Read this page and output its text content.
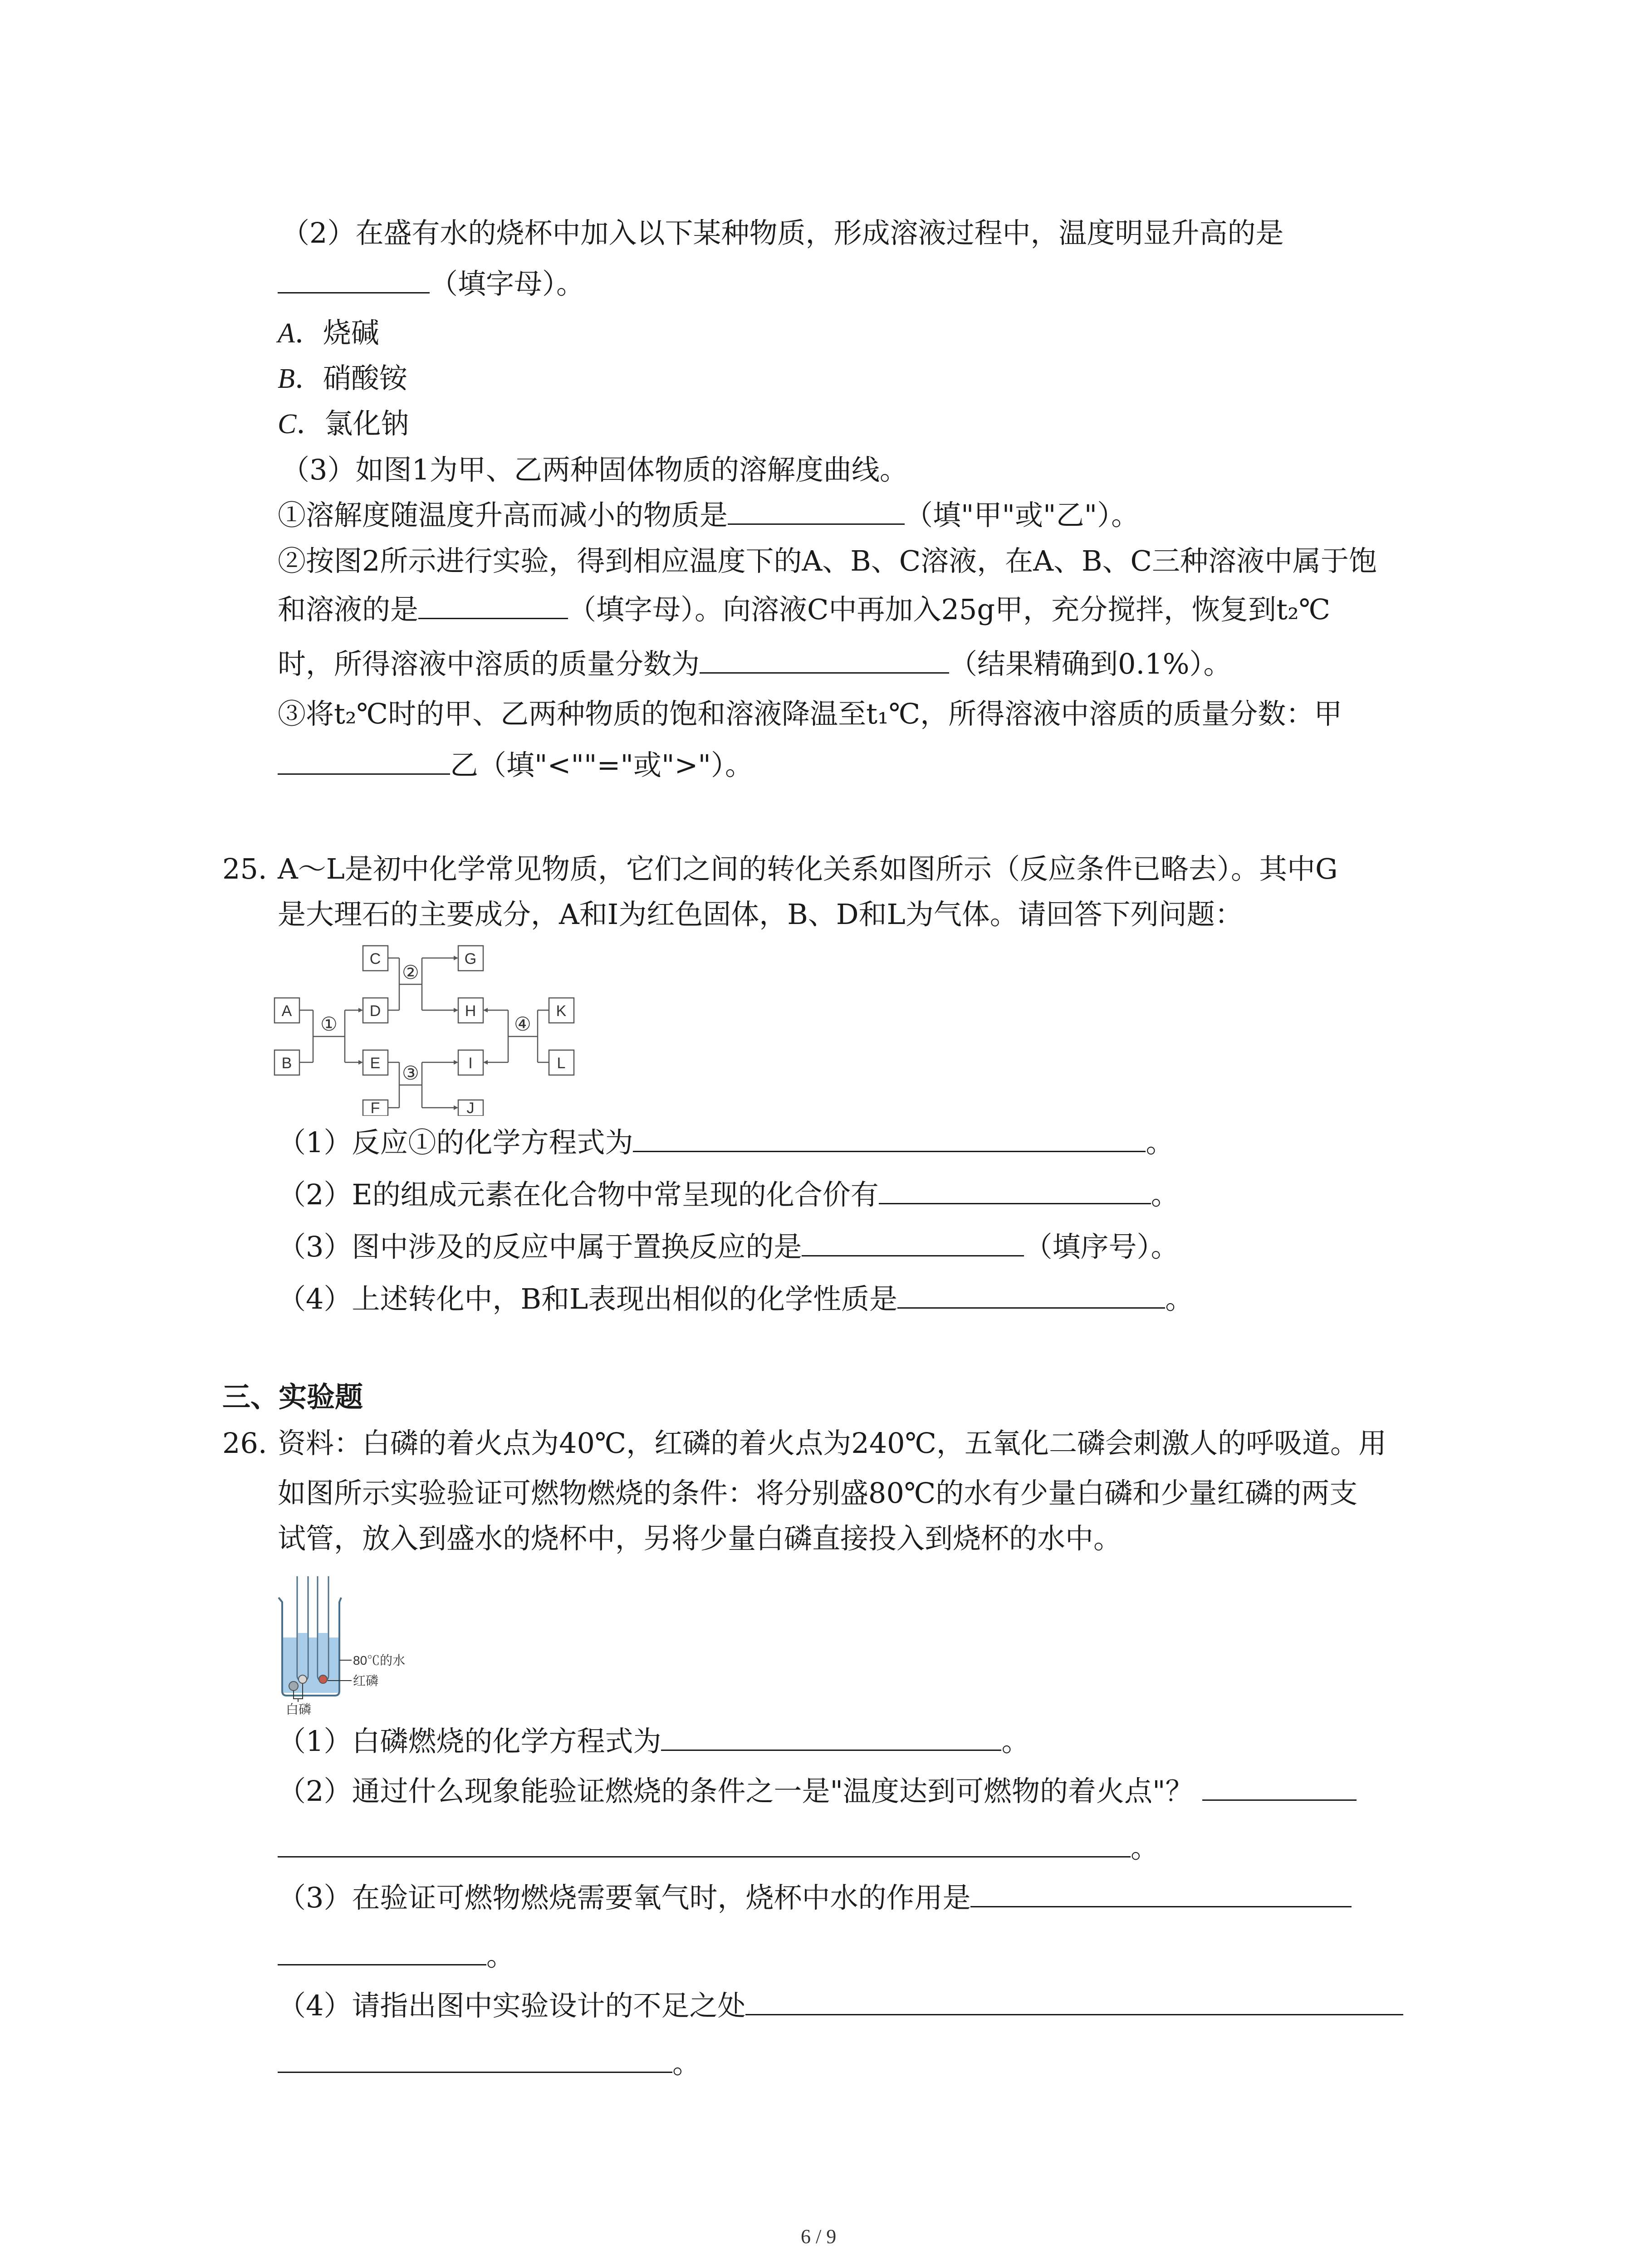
（2）在盛有水的烧杯中加入以下某种物质，形成溶液过程中，温度明显升高的是
（填字母）。
A．烧碱
B．硝酸铵
C．氯化钠
（3）如图1为甲、乙两种固体物质的溶解度曲线。
①溶解度随温度升高而减小的物质是	（填"甲"或"乙"）。
②按图2所示进行实验，得到相应温度下的A、B、C溶液，在A、B、C三种溶液中属于饱
和溶液的是	（填字母）。向溶液C中再加入25g甲，充分搅拌，恢复到t₂℃
时，所得溶液中溶质的质量分数为	（结果精确到0.1%）。
③将t₂℃时的甲、乙两种物质的饱和溶液降温至t₁℃，所得溶液中溶质的质量分数：甲
乙（填"<""="或">"）。
25. A～L是初中化学常见物质，它们之间的转化关系如图所示（反应条件已略去）。其中G
是大理石的主要成分，A和I为红色固体，B、D和L为气体。请回答下列问题：
A
B
C
D
E
F
G
H
I
J
K
L
①
②
③
④
（1）反应①的化学方程式为	。
（2）E的组成元素在化合物中常呈现的化合价有	。
（3）图中涉及的反应中属于置换反应的是	（填序号）。
（4）上述转化中，B和L表现出相似的化学性质是	。
三、实验题
26. 资料：白磷的着火点为40℃，红磷的着火点为240℃，五氧化二磷会刺激人的呼吸道。用
如图所示实验验证可燃物燃烧的条件：将分别盛80℃的水有少量白磷和少量红磷的两支
试管，放入到盛水的烧杯中，另将少量白磷直接投入到烧杯的水中。
80℃的水
红磷
白磷
（1）白磷燃烧的化学方程式为	。
（2）通过什么现象能验证燃烧的条件之一是"温度达到可燃物的着火点"？
。
（3）在验证可燃物燃烧需要氧气时，烧杯中水的作用是
。
（4）请指出图中实验设计的不足之处
。
6 / 9
